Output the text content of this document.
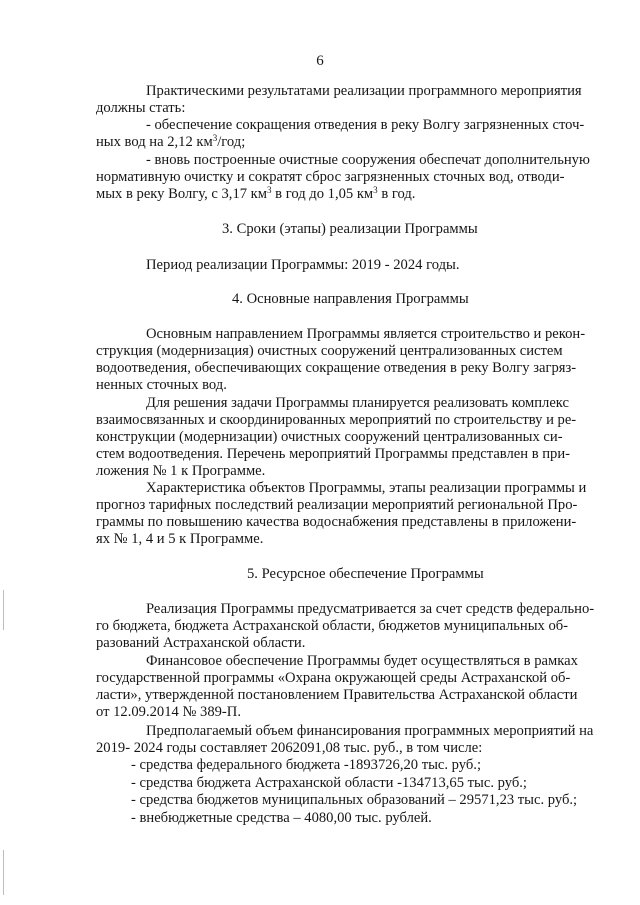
6
Практическими результатами реализации программного мероприятия
должны стать:
- обеспечение сокращения отведения в реку Волгу загрязненных сточ-
ных вод на 2,12 $км^3$/год;
- вновь построенные очистные сооружения обеспечат дополнительную
нормативную очистку и сократят сброс загрязненных сточных вод, отводи-
мых в реку Волгу, с 3,17 $км^3$ в год до 1,05 $км^3$ в год.
3. Сроки (этапы) реализации Программы
Период реализации Программы: 2019 - 2024 годы.
4. Основные направления Программы
Основным направлением Программы является строительство и рекон-
струкция (модернизация) очистных сооружений централизованных систем
водоотведения, обеспечивающих сокращение отведения в реку Волгу загряз-
ненных сточных вод.
Для решения задачи Программы планируется реализовать комплекс
взаимосвязанных и скоординированных мероприятий по строительству и ре-
конструкции (модернизации) очистных сооружений централизованных си-
стем водоотведения. Перечень мероприятий Программы представлен в при-
ложения № 1 к Программе.
Характеристика объектов Программы, этапы реализации программы и
прогноз тарифных последствий реализации мероприятий региональной Про-
граммы по повышению качества водоснабжения представлены в приложени-
ях № 1, 4 и 5 к Программе.
5. Ресурсное обеспечение Программы
Реализация Программы предусматривается за счет средств федерально-
го бюджета, бюджета Астраханской области, бюджетов муниципальных об-
разований Астраханской области.
Финансовое обеспечение Программы будет осуществляться в рамках
государственной программы «Охрана окружающей среды Астраханской об-
ласти», утвержденной постановлением Правительства Астраханской области
от 12.09.2014 № 389-П.
Предполагаемый объем финансирования программных мероприятий на
2019- 2024 годы составляет 2062091,08 тыс. руб., в том числе:
- средства федерального бюджета -1893726,20 тыс. руб.;
- средства бюджета Астраханской области -134713,65 тыс. руб.;
- средства бюджетов муниципальных образований – 29571,23 тыс. руб.;
- внебюджетные средства – 4080,00 тыс. рублей.
